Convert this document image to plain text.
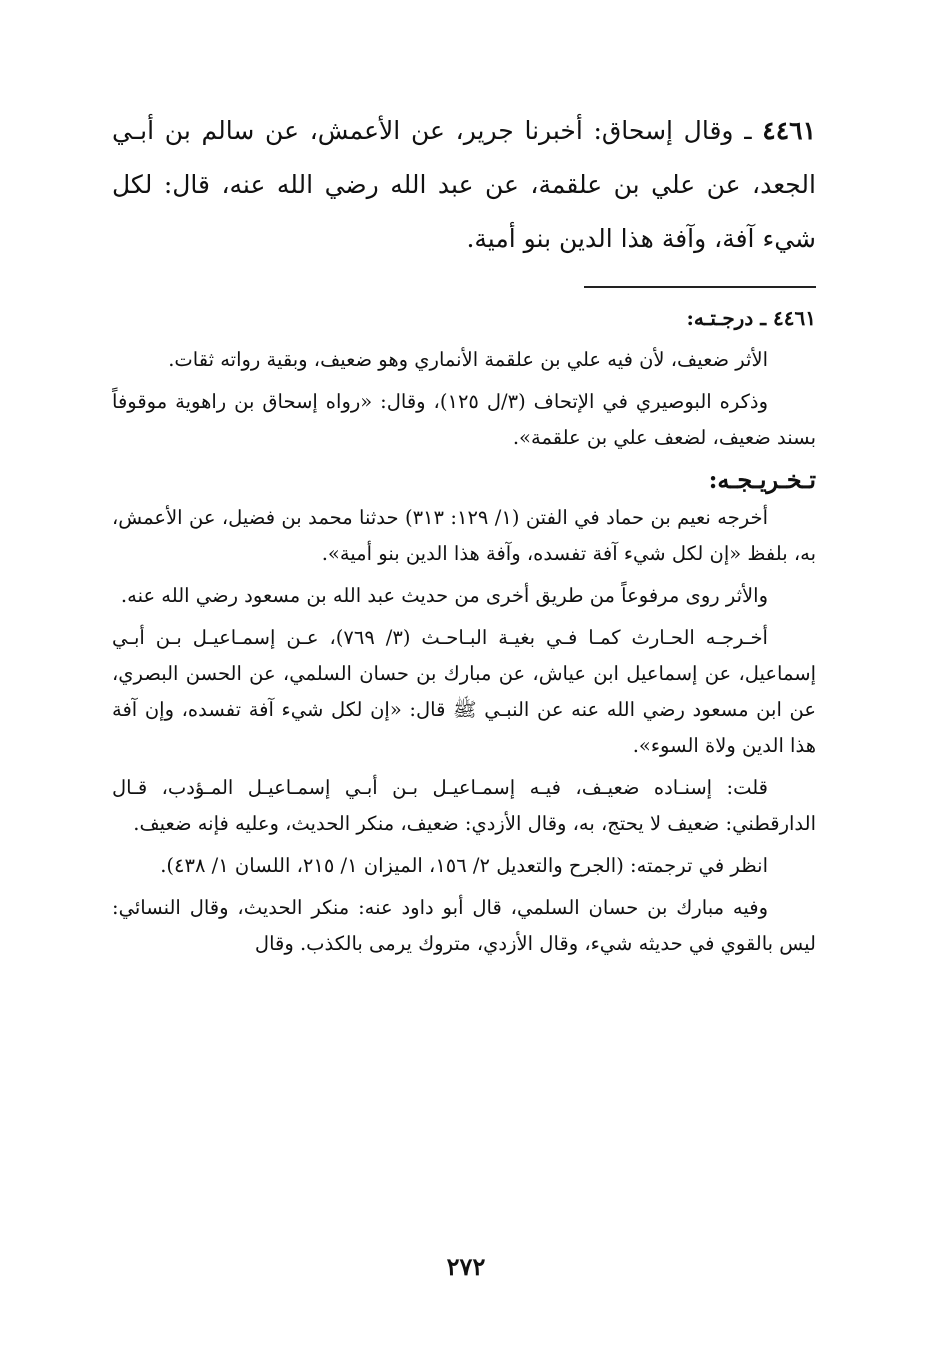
٤٤٦١ ـ وقال إسحاق: أخبرنا جرير، عن الأعمش، عن سالم بن أبـي الجعد، عن علي بن علقمة، عن عبد الله رضي الله عنه، قال: لكل شيء آفة، وآفة هذا الدين بنو أمية.

٤٤٦١ ـ درجـتـه:

الأثر ضعيف، لأن فيه علي بن علقمة الأنماري وهو ضعيف، وبقية رواته ثقات.

وذكره البوصيري في الإتحاف (٣/ل ١٢٥)، وقال: «رواه إسحاق بن راهوية موقوفاً بسند ضعيف، لضعف علي بن علقمة».

تـخـريـجـه:

أخرجه نعيم بن حماد في الفتن (١/ ١٢٩: ٣١٣) حدثنا محمد بن فضيل، عن الأعمش، به، بلفظ «إن لكل شيء آفة تفسده، وآفة هذا الدين بنو أمية».

والأثر روى مرفوعاً من طريق أخرى من حديث عبد الله بن مسعود رضي الله عنه.

أخـرجـه الحـارث كمـا فـي بغيـة البـاحـث (٣/ ٧٦٩)، عـن إسمـاعيـل بـن أبـي إسماعيل، عن إسماعيل ابن عياش، عن مبارك بن حسان السلمي، عن الحسن البصري، عن ابن مسعود رضي الله عنه عن النبـي ﷺ قال: «إن لكل شيء آفة تفسده، وإن آفة هذا الدين ولاة السوء».

قلت: إسنـاده ضعيـف، فيـه إسمـاعيـل بـن أبـي إسمـاعيـل المـؤدب، قـال الدارقطني: ضعيف لا يحتج، به، وقال الأزدي: ضعيف، منكر الحديث، وعليه فإنه ضعيف.

انظر في ترجمته: (الجرح والتعديل ٢/ ١٥٦، الميزان ١/ ٢١٥، اللسان ١/ ٤٣٨).

وفيه مبارك بن حسان السلمي، قال أبو داود عنه: منكر الحديث، وقال النسائي: ليس بالقوي في حديثه شيء، وقال الأزدي، متروك يرمى بالكذب. وقال

٢٧٢
